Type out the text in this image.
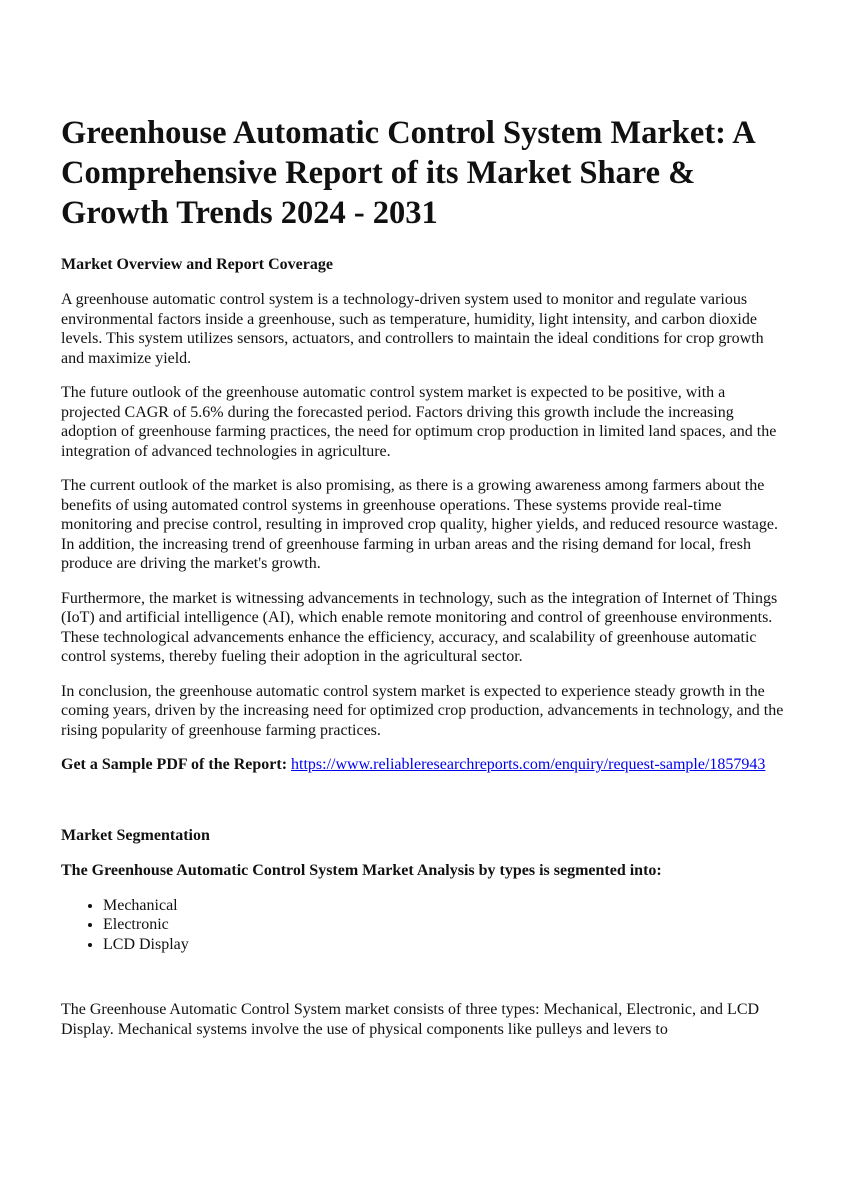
Greenhouse Automatic Control System Market: A Comprehensive Report of its Market Share & Growth Trends 2024 - 2031
Market Overview and Report Coverage

A greenhouse automatic control system is a technology-driven system used to monitor and regulate various environmental factors inside a greenhouse, such as temperature, humidity, light intensity, and carbon dioxide levels. This system utilizes sensors, actuators, and controllers to maintain the ideal conditions for crop growth and maximize yield.

The future outlook of the greenhouse automatic control system market is expected to be positive, with a projected CAGR of 5.6% during the forecasted period. Factors driving this growth include the increasing adoption of greenhouse farming practices, the need for optimum crop production in limited land spaces, and the integration of advanced technologies in agriculture.

The current outlook of the market is also promising, as there is a growing awareness among farmers about the benefits of using automated control systems in greenhouse operations. These systems provide real-time monitoring and precise control, resulting in improved crop quality, higher yields, and reduced resource wastage. In addition, the increasing trend of greenhouse farming in urban areas and the rising demand for local, fresh produce are driving the market's growth.

Furthermore, the market is witnessing advancements in technology, such as the integration of Internet of Things (IoT) and artificial intelligence (AI), which enable remote monitoring and control of greenhouse environments. These technological advancements enhance the efficiency, accuracy, and scalability of greenhouse automatic control systems, thereby fueling their adoption in the agricultural sector.

In conclusion, the greenhouse automatic control system market is expected to experience steady growth in the coming years, driven by the increasing need for optimized crop production, advancements in technology, and the rising popularity of greenhouse farming practices.

Get a Sample PDF of the Report: https://www.reliableresearchreports.com/enquiry/request-sample/1857943
Market Segmentation
The Greenhouse Automatic Control System Market Analysis by types is segmented into:
• Mechanical
• Electronic
• LCD Display

The Greenhouse Automatic Control System market consists of three types: Mechanical, Electronic, and LCD Display. Mechanical systems involve the use of physical components like pulleys and levers to
